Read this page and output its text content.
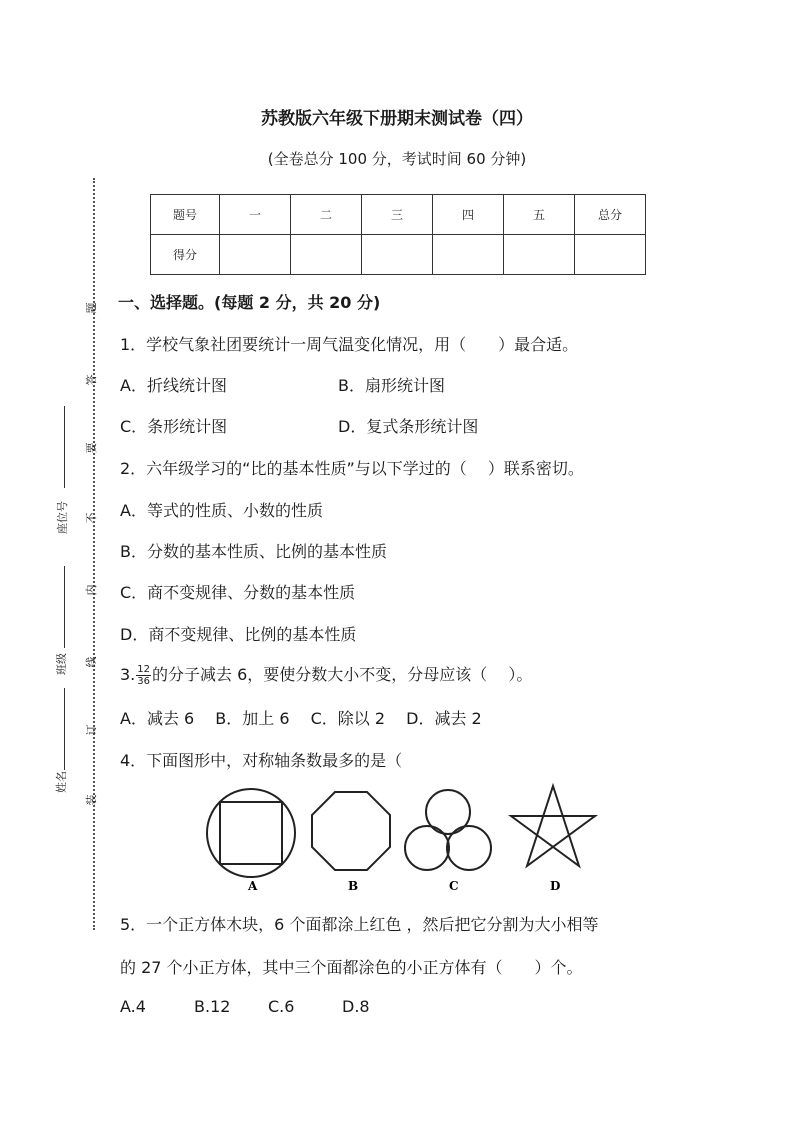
苏教版六年级下册期末测试卷（四）
(全卷总分 100 分，考试时间 60 分钟)
题号	一	二	三	四	五	总分
得分						
姓名
班级
座位号
装
订
线
内
不
要
答
题 一、选择题。(每题 2 分，共 20 分)
1．学校气象社团要统计一周气温变化情况，用（　　）最合适。
A．折线统计图	B．扇形统计图
C．条形统计图	D．复式条形统计图
2．六年级学习的“比的基本性质”与以下学过的（　 ）联系密切。
A．等式的性质、小数的性质
B．分数的基本性质、比例的基本性质
C．商不变规律、分数的基本性质
D．商不变规律、比例的基本性质
3. $\frac{12}{36}$ 的分子减去 6，要使分数大小不变，分母应该（　 ）。
A．减去 6　 B．加上 6　 C．除以 2　 D．减去 2
4．下面图形中，对称轴条数最多的是（
A	B	C	D
5．一个正方体木块，6 个面都涂上红色 ，然后把它分割为大小相等
的 27 个小正方体，其中三个面都涂色的小正方体有（　　）个。
A.4	B.12 C.6	D.8
